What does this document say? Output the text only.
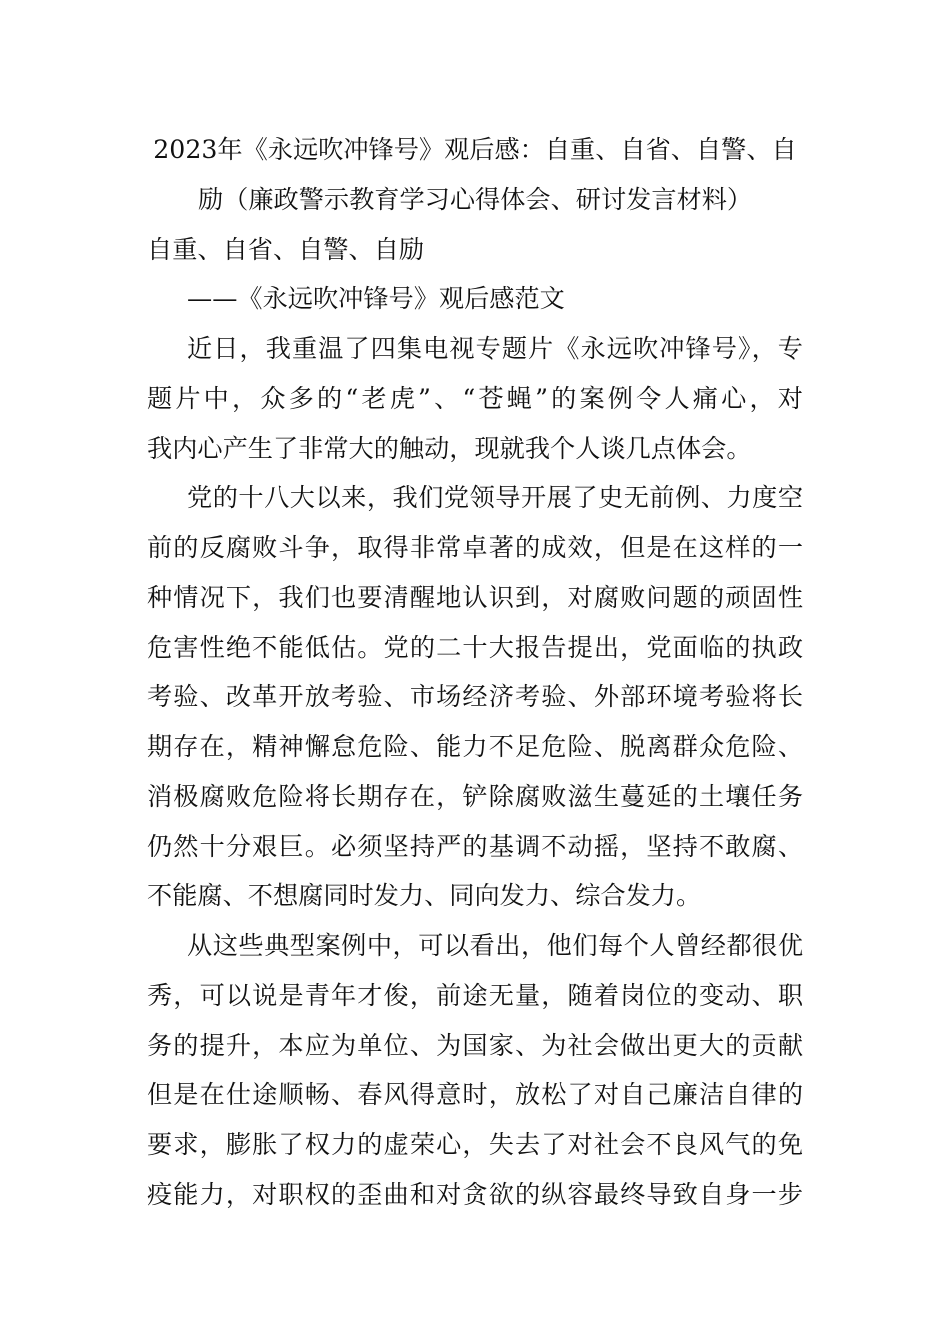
2023年《永远吹冲锋号》观后感：自重、自省、自警、自
励（廉政警示教育学习心得体会、研讨发言材料）
自重、自省、自警、自励
——《永远吹冲锋号》观后感范文
近日，我重温了四集电视专题片《永远吹冲锋号》，专
题片中，众多的“老虎”、“苍蝇”的案例令人痛心，对
我内心产生了非常大的触动，现就我个人谈几点体会。
党的十八大以来，我们党领导开展了史无前例、力度空
前的反腐败斗争，取得非常卓著的成效，但是在这样的一
种情况下，我们也要清醒地认识到，对腐败问题的顽固性
危害性绝不能低估。党的二十大报告提出，党面临的执政
考验、改革开放考验、市场经济考验、外部环境考验将长
期存在，精神懈怠危险、能力不足危险、脱离群众危险、
消极腐败危险将长期存在，铲除腐败滋生蔓延的土壤任务
仍然十分艰巨。必须坚持严的基调不动摇，坚持不敢腐、
不能腐、不想腐同时发力、同向发力、综合发力。
从这些典型案例中，可以看出，他们每个人曾经都很优
秀，可以说是青年才俊，前途无量，随着岗位的变动、职
务的提升，本应为单位、为国家、为社会做出更大的贡献
但是在仕途顺畅、春风得意时，放松了对自己廉洁自律的
要求，膨胀了权力的虚荣心，失去了对社会不良风气的免
疫能力，对职权的歪曲和对贪欲的纵容最终导致自身一步
